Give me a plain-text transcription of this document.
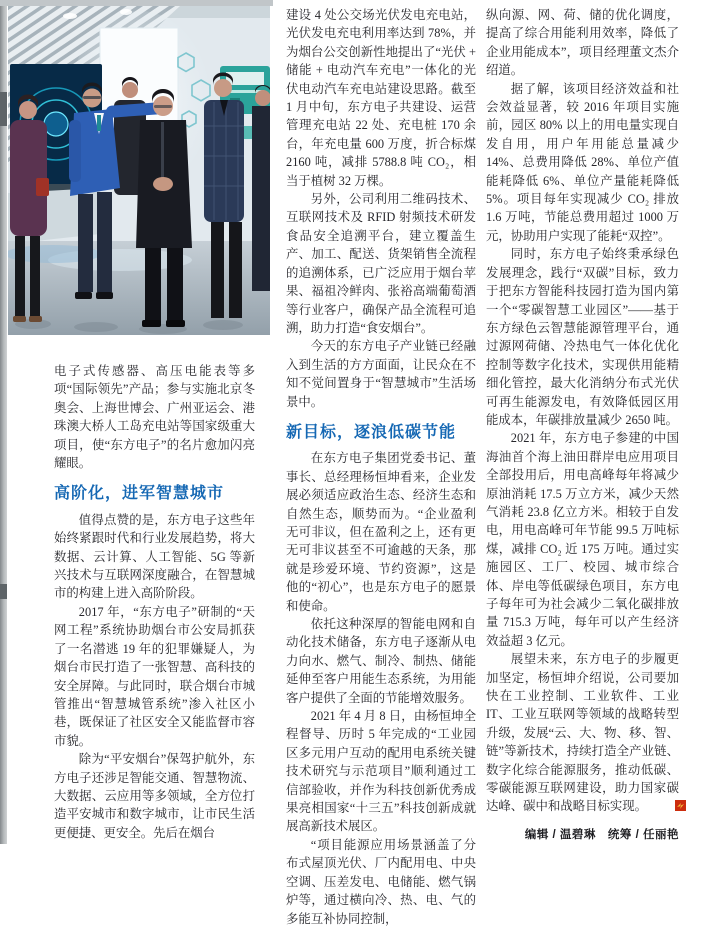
电子式传感器、高压电能表等多项“国际领先”产品；参与实施北京冬奥会、上海世博会、广州亚运会、港珠澳大桥人工岛充电站等国家级重大项目，使“东方电子”的名片愈加闪亮耀眼。

高阶化，进军智慧城市

值得点赞的是，东方电子这些年始终紧跟时代和行业发展趋势，将大数据、云计算、人工智能、5G 等新兴技术与互联网深度融合，在智慧城市的构建上进入高阶阶段。

2017 年，“东方电子”研制的“天网工程”系统协助烟台市公安局抓获了一名潜逃 19 年的犯罪嫌疑人，为烟台市民打造了一张智慧、高科技的安全屏障。与此同时，联合烟台市城管推出“智慧城管系统”渗入社区小巷，既保证了社区安全又能监督市容市貌。

除为“平安烟台”保驾护航外，东方电子还涉足智能交通、智慧物流、大数据、云应用等多领域，全方位打造平安城市和数字城市，让市民生活更便捷、更安全。先后在烟台

建设 4 处公交场光伏发电充电站，光伏发电充电利用率达到 78%，并为烟台公交创新性地提出了“光伏 + 储能 + 电动汽车充电”一体化的光伏电动汽车充电站建设思路。截至 1 月中旬，东方电子共建设、运营管理充电站 22 处、充电桩 170 余台，年充电量 600 万度，折合标煤 2160 吨，减排 5788.8 吨 CO₂，相当于植树 32 万棵。

另外，公司利用二维码技术、互联网技术及 RFID 射频技术研发食品安全追溯平台，建立覆盖生产、加工、配送、货架销售全流程的追溯体系，已广泛应用于烟台苹果、福祖冷鲜肉、张裕高端葡萄酒等行业客户，确保产品全流程可追溯，助力打造“食安烟台”。

今天的东方电子产业链已经融入到生活的方方面面，让民众在不知不觉间置身于“智慧城市”生活场景中。

新目标，逐浪低碳节能

在东方电子集团党委书记、董事长、总经理杨恒坤看来，企业发展必须适应政治生态、经济生态和自然生态，顺势而为。“企业盈利无可非议，但在盈利之上，还有更无可非议甚至不可逾越的天条，那就是珍爱环境、节约资源”，这是他的“初心”，也是东方电子的愿景和使命。

依托这种深厚的智能电网和自动化技术储备，东方电子逐渐从电力向水、燃气、制冷、制热、储能延伸至客户用能生态系统，为用能客户提供了全面的节能增效服务。

2021 年 4 月 8 日，由杨恒坤全程督导、历时 5 年完成的“工业园区多元用户互动的配用电系统关键技术研究与示范项目”顺利通过工信部验收，并作为科技创新优秀成果亮相国家“十三五”科技创新成就展高新技术展区。

“项目能源应用场景涵盖了分布式屋顶光伏、厂内配用电、中央空调、压差发电、电储能、燃气锅炉等，通过横向冷、热、电、气的多能互补协同控制，

纵向源、网、荷、储的优化调度，提高了综合用能利用效率，降低了企业用能成本”，项目经理董文杰介绍道。

据了解，该项目经济效益和社会效益显著，较 2016 年项目实施前，园区 80% 以上的用电量实现自发自用，用户年用能总量减少 14%、总费用降低 28%、单位产值能耗降低 6%、单位产量能耗降低 5%。项目每年实现减少 CO₂ 排放 1.6 万吨，节能总费用超过 1000 万元，协助用户实现了能耗“双控”。

同时，东方电子始终秉承绿色发展理念，践行“双碳”目标，致力于把东方智能科技园打造为国内第一个“零碳智慧工业园区”——基于东方绿色云智慧能源管理平台，通过源网荷储、冷热电气一体化优化控制等数字化技术，实现供用能精细化管控，最大化消纳分布式光伏可再生能源发电，有效降低园区用能成本，年碳排放量减少 2650 吨。

2021 年，东方电子参建的中国海油首个海上油田群岸电应用项目全部投用后，用电高峰每年将减少原油消耗 17.5 万立方米，减少天然气消耗 23.8 亿立方米。相较于自发电，用电高峰可年节能 99.5 万吨标煤，减排 CO₂ 近 175 万吨。通过实施园区、工厂、校园、城市综合体、岸电等低碳绿色项目，东方电子每年可为社会减少二氧化碳排放量 715.3 万吨，每年可以产生经济效益超 3 亿元。

展望未来，东方电子的步履更加坚定，杨恒坤介绍说，公司要加快在工业控制、工业软件、工业 IT、工业互联网等领域的战略转型升级，发展“云、大、物、移、智、链”等新技术，持续打造全产业链、数字化综合能源服务，推动低碳、零碳能源互联网建设，助力国家碳达峰、碳中和战略目标实现。

编辑 / 温碧琳　统筹 / 任丽艳
